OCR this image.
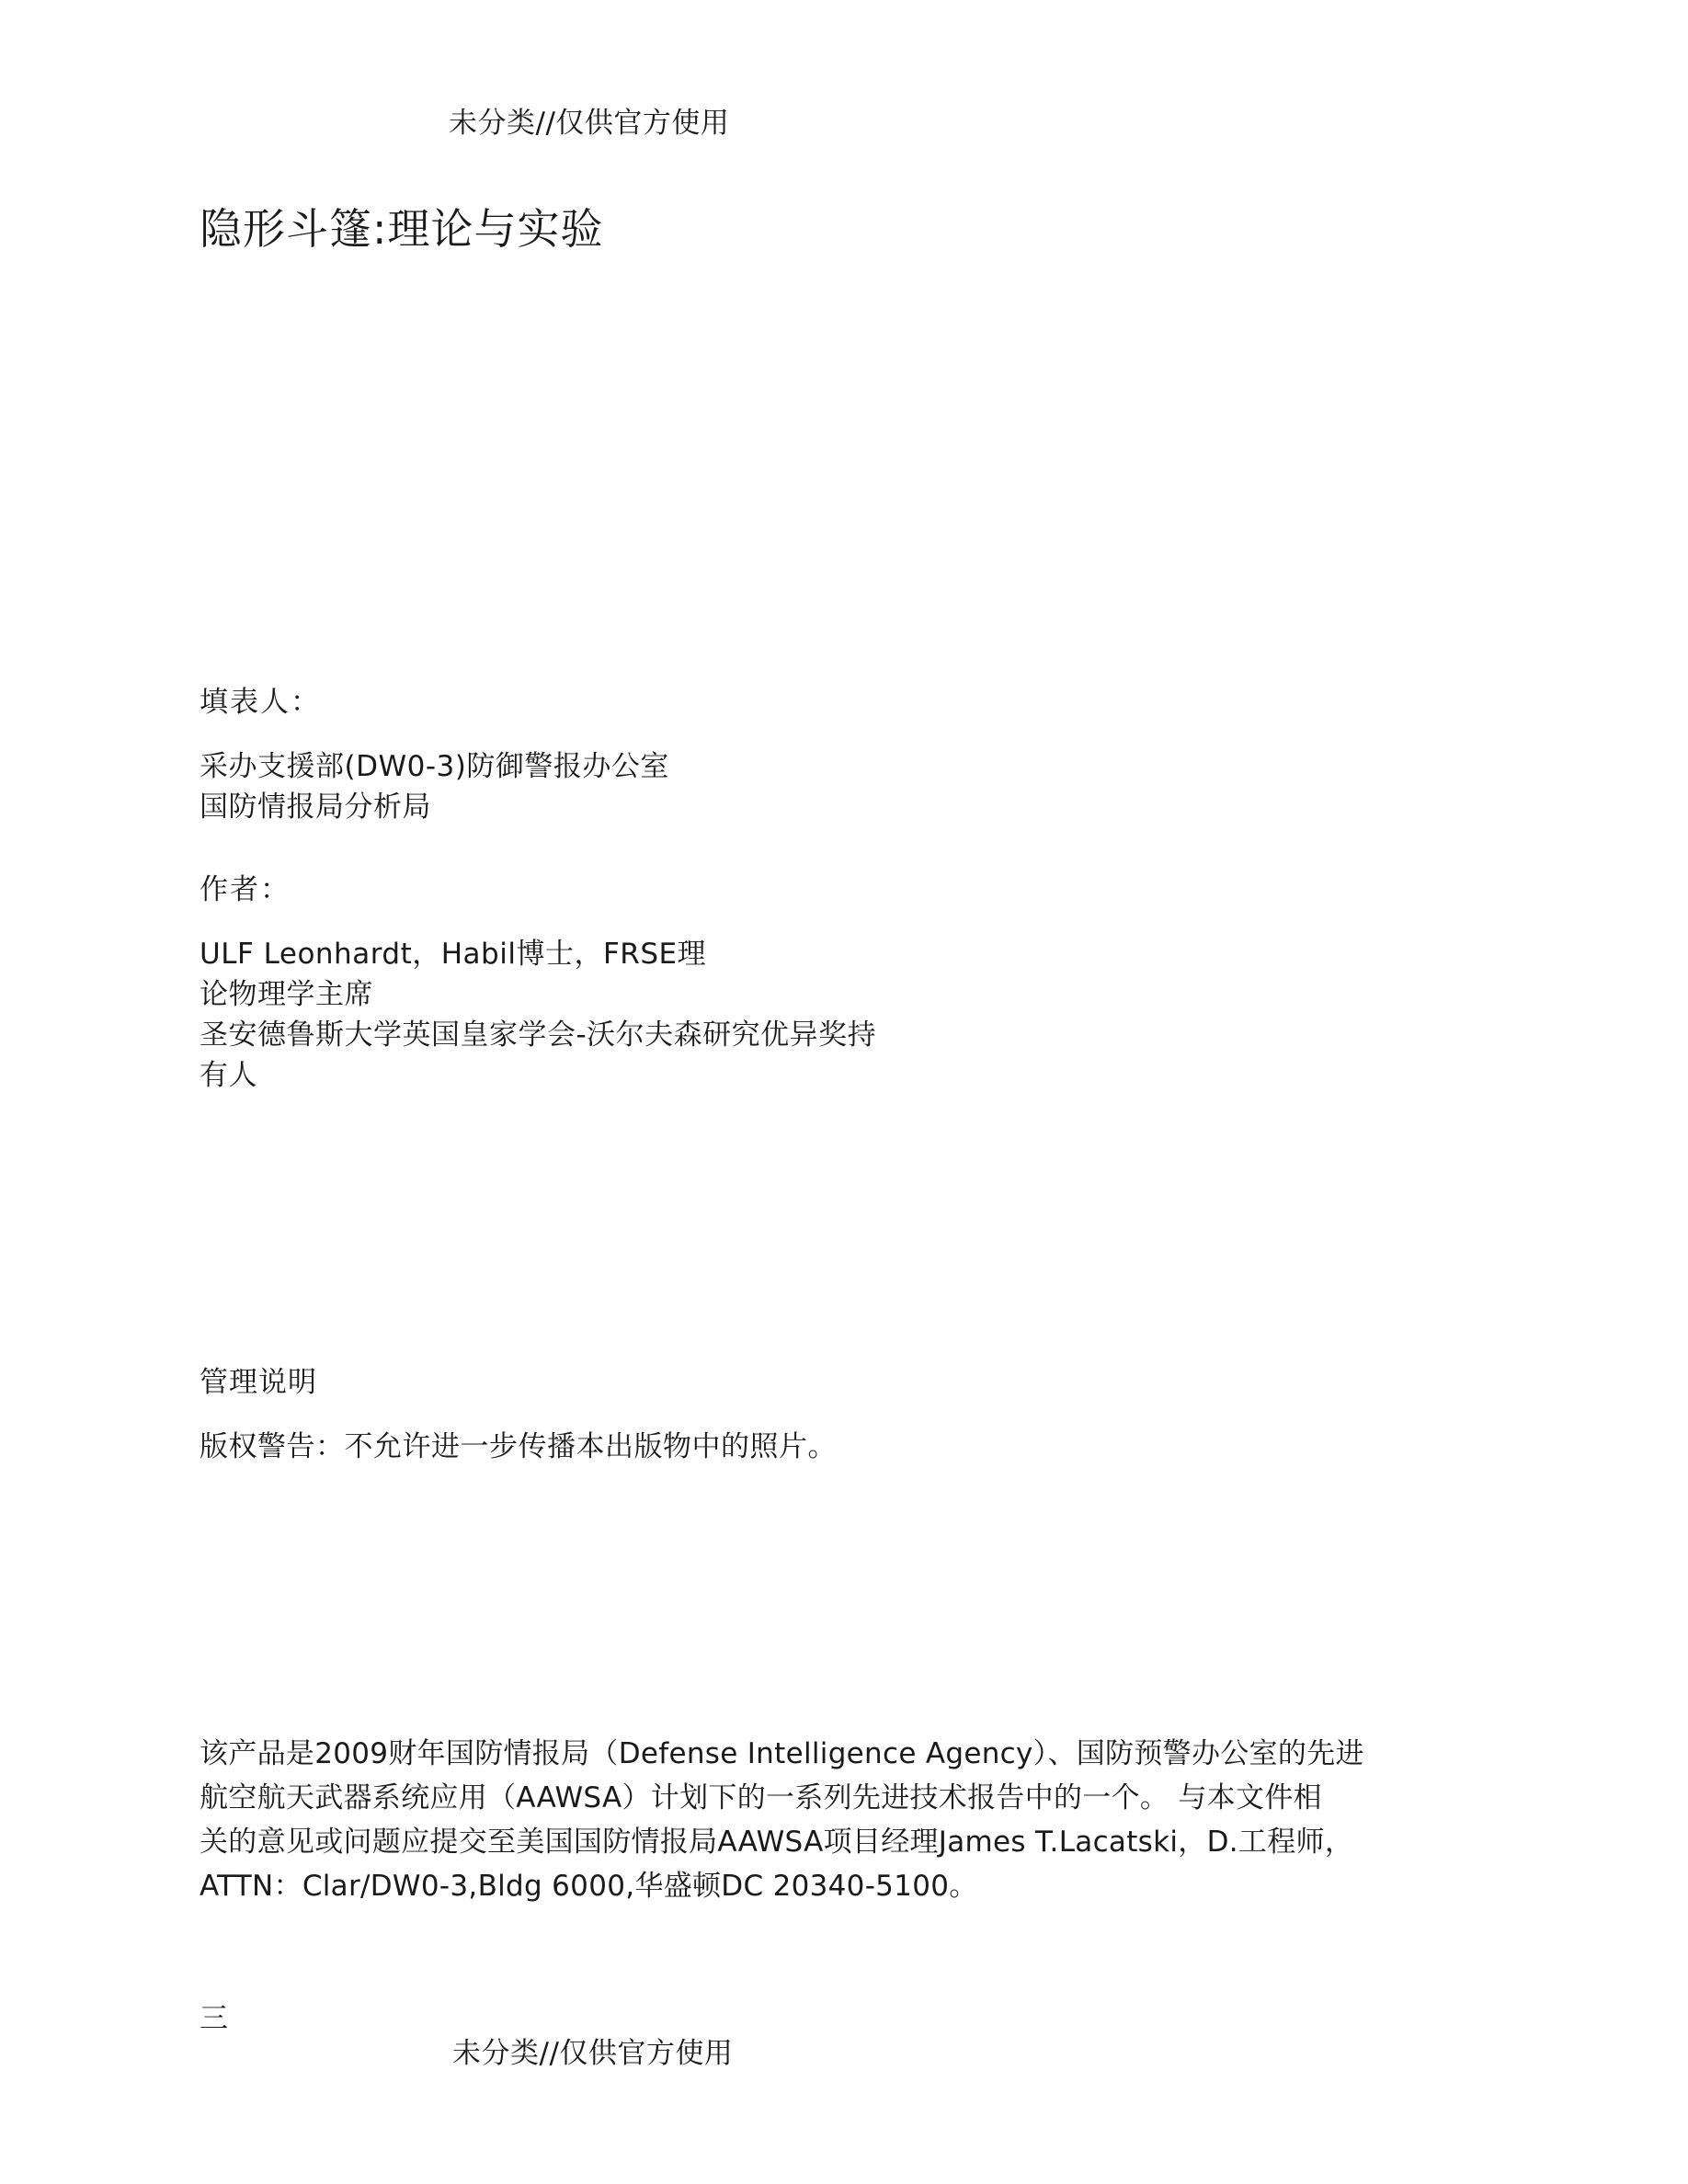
未分类//仅供官方使用
隐形斗篷:理论与实验
填表人：
采办支援部(DW0-3)防御警报办公室
国防情报局分析局
作者：
ULF Leonhardt，Habil博士，FRSE理
论物理学主席
圣安德鲁斯大学英国皇家学会-沃尔夫森研究优异奖持
有人
管理说明
版权警告：不允许进一步传播本出版物中的照片。
该产品是2009财年国防情报局（Defense Intelligence Agency）、国防预警办公室的先进
航空航天武器系统应用（AAWSA）计划下的一系列先进技术报告中的一个。 与本文件相
关的意见或问题应提交至美国国防情报局AAWSA项目经理James T.Lacatski，D.工程师，
ATTN：Clar/DW0-3,Bldg 6000,华盛顿DC 20340-5100。
三
未分类//仅供官方使用
